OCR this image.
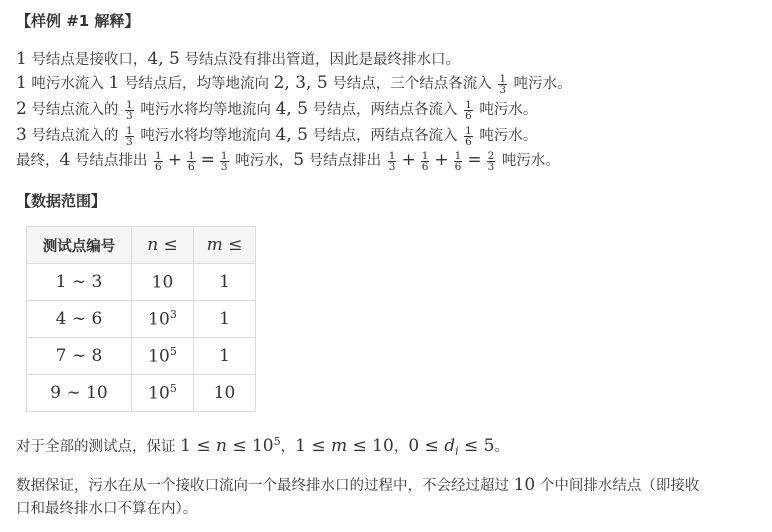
【样例 #1 解释】
1 号结点是接收口，4, 5 号结点没有排出管道，因此是最终排水口。
1 吨污水流入 1 号结点后，均等地流向 2, 3, 5 号结点，三个结点各流入 $\frac{1}{3}$ 吨污水。
2 号结点流入的 $\frac{1}{3}$ 吨污水将均等地流向 4, 5 号结点，两结点各流入 $\frac{1}{6}$ 吨污水。
3 号结点流入的 $\frac{1}{3}$ 吨污水将均等地流向 4, 5 号结点，两结点各流入 $\frac{1}{6}$ 吨污水。
最终，4 号结点排出 $\frac{1}{6} + \frac{1}{6} = \frac{1}{3}$ 吨污水，5 号结点排出 $\frac{1}{3} + \frac{1}{6} + \frac{1}{6} = \frac{2}{3}$ 吨污水。
【数据范围】
测试点编号	n ≤	m ≤
1 ∼ 3	10	1
4 ∼ 6	$10^3$	1
7 ∼ 8	$10^5$	1
9 ∼ 10	$10^5$	10
对于全部的测试点，保证 $1 \le n \le 10^5$，1 ≤ m ≤ 10，$0 \le d_i \le 5$。
数据保证，污水在从一个接收口流向一个最终排水口的过程中，不会经过超过 10 个中间排水结点（即接收
口和最终排水口不算在内）。
